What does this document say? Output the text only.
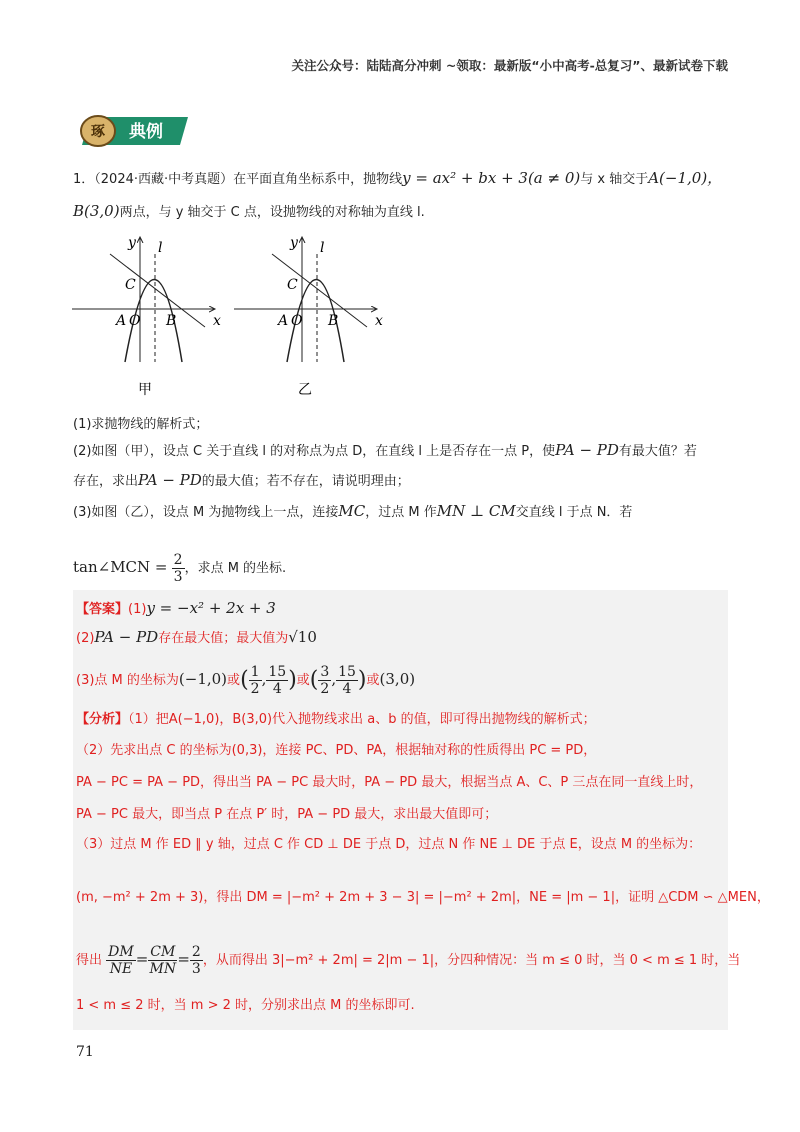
关注公众号：陆陆高分冲刺 ~领取：最新版“小中高考-总复习”、最新试卷下载
琢 典例
1．（2024·西藏·中考真题）在平面直角坐标系中，抛物线y = ax² + bx + 3(a ≠ 0)与 x 轴交于A(−1,0)，
B(3,0)两点，与 y 轴交于 C 点，设抛物线的对称轴为直线 l.
y l
C
A O B	x
甲
y l
C
A O B	x
乙
(1)求抛物线的解析式；
(2)如图（甲），设点 C 关于直线 l 的对称点为点 D，在直线 l 上是否存在一点 P，使PA − PD有最大值？若
存在，求出PA − PD的最大值；若不存在，请说明理由；
(3)如图（乙），设点 M 为抛物线上一点，连接MC，过点 M 作MN ⊥ CM交直线 l 于点 N．若
tan∠MCN = $\frac{2}{3}$ ，求点 M 的坐标.
【答案】(1)y = −x² + 2x + 3
(2)PA − PD存在最大值；最大值为√10
(3)点 M 的坐标为(−1,0)或( $\frac{1}{2}$ , $\frac{15}{4}$ )或( $\frac{3}{2}$ , $\frac{15}{4}$ )或(3,0)
【分析】（1）把A(−1,0)，B(3,0)代入抛物线求出 a、b 的值，即可得出抛物线的解析式；
（2）先求出点 C 的坐标为(0,3)，连接 PC、PD、PA，根据轴对称的性质得出 PC = PD，
PA − PC = PA − PD，得出当 PA − PC 最大时，PA − PD 最大，根据当点 A、C、P 三点在同一直线上时，
PA − PC 最大，即当点 P 在点 P′ 时，PA − PD 最大，求出最大值即可；
（3）过点 M 作 ED ∥ y 轴，过点 C 作 CD ⊥ DE 于点 D，过点 N 作 NE ⊥ DE 于点 E，设点 M 的坐标为：
(m, −m² + 2m + 3)，得出 DM = |−m² + 2m + 3 − 3| = |−m² + 2m|，NE = |m − 1|，证明 △CDM ∽ △MEN，
得出 $\frac{DM}{NE} = \frac{CM}{MN} = \frac{2}{3}$ ，从而得出 3|−m² + 2m| = 2|m − 1|，分四种情况：当 m ≤ 0 时，当 0 < m ≤ 1 时，当
1 < m ≤ 2 时，当 m > 2 时，分别求出点 M 的坐标即可.
71
